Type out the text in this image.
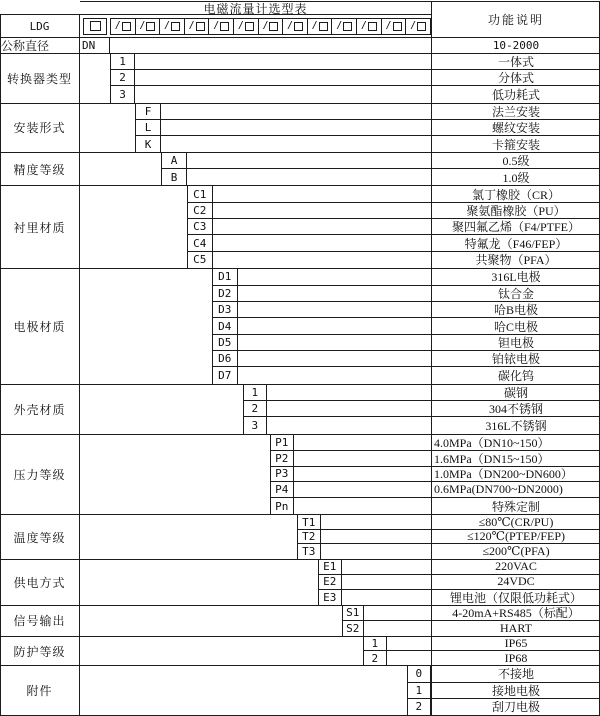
电磁流量计选型表
功能说明
LDG	/ / / / / / / / / / / / /
公称直径	DN	10-2000
转换器类型
1	一体式
2	分体式
3	低功耗式
安装形式
F	法兰安装
L	螺纹安装
K	卡箍安装
精度等级
A	0.5级
B	1.0级
衬里材质
C1	氯丁橡胶（CR）
C2	聚氨酯橡胶（PU）
C3	聚四氟乙烯（F4/PTFE）
C4	特氟龙（F46/FEP）
C5	共聚物（PFA）
电极材质
D1	316L电极
D2	钛合金
D3	哈B电极
D4	哈C电极
D5	钽电极
D6	铂铱电极
D7	碳化钨
外壳材质
1	碳钢
2	304不锈钢
3	316L不锈钢
压力等级
P1	4.0MPa（DN10~150）
P2	1.6MPa（DN15~150）
P3	1.0MPa（DN200~DN600）
P4	0.6MPa(DN700~DN2000)
Pn	特殊定制
温度等级
T1	≤80℃(CR/PU)
T2	≤120℃(PTEP/FEP)
T3	≤200℃(PFA)
供电方式
E1	220VAC
E2	24VDC
E3	锂电池（仅限低功耗式）
信号输出
S1	4-20mA+RS485（标配）
S2	HART
防护等级
1	IP65
2	IP68
附件
0	不接地
1	接地电极
2	刮刀电极
